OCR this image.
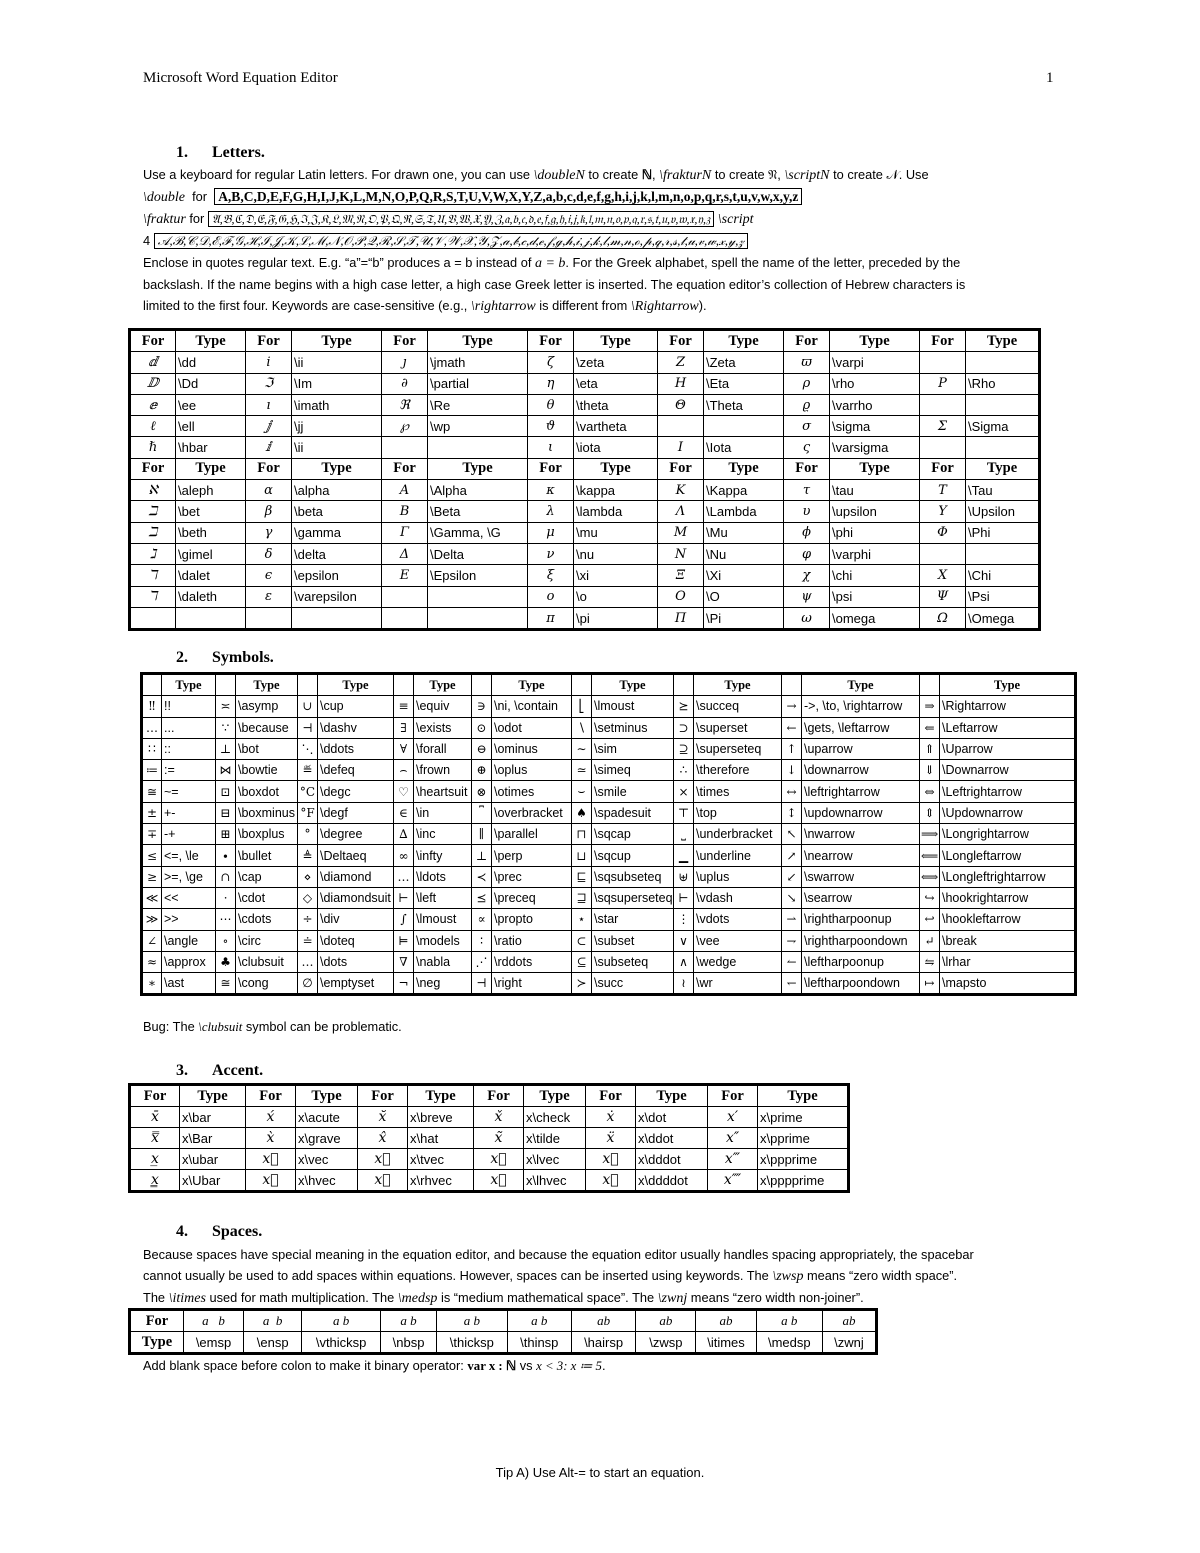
Microsoft Word Equation Editor	1
1. Letters.
Use a keyboard for regular Latin letters. For drawn one, you can use \doubleN to create ℕ, \frakturN to create 𝔑, \scriptN to create 𝒩. Use
\double for A,B,C,D,E,F,G,H,I,J,K,L,M,N,O,P,Q,R,S,T,U,V,W,X,Y,Z,a,b,c,d,e,f,g,h,i,j,k,l,m,n,o,p,q,r,s,t,u,v,w,x,y,z
\fraktur for 𝔄,𝔅,ℭ,𝔇,𝔈,𝔉,𝔊,ℌ,ℑ,𝔍,𝔎,𝔏,𝔐,𝔑,𝔒,𝔓,𝔔,ℜ,𝔖,𝔗,𝔘,𝔙,𝔚,𝔛,𝔜,ℨ,𝔞,𝔟,𝔠,𝔡,𝔢,𝔣,𝔤,𝔥,𝔦,𝔧,𝔨,𝔩,𝔪,𝔫,𝔬,𝔭,𝔮,𝔯,𝔰,𝔱,𝔲,𝔳,𝔴,𝔵,𝔶,𝔷 \script
4 𝒜,ℬ,𝒞,𝒟,ℰ,ℱ,𝒢,ℋ,ℐ,𝒥,𝒦,ℒ,ℳ,𝒩,𝒪,𝒫,𝒬,ℛ,𝒮,𝒯,𝒰,𝒱,𝒲,𝒳,𝒴,𝒵,𝒶,𝒷,𝒸,𝒹,ℯ,𝒻,ℊ,𝒽,𝒾,𝒿,𝓀,𝓁,𝓂,𝓃,ℴ,𝓅,𝓆,𝓇,𝓈,𝓉,𝓊,𝓋,𝓌,𝓍,𝓎,𝓏
Enclose in quotes regular text. E.g. “a”=“b” produces a = b instead of a = b. For the Greek alphabet, spell the name of the letter, preceded by the
backslash. If the name begins with a high case letter, a high case Greek letter is inserted. The equation editor’s collection of Hebrew characters is
limited to the first four. Keywords are case-sensitive (e.g., \rightarrow is different from \Rightarrow).
For	Type	For	Type	For	Type	For	Type	For	Type	For	Type	For	Type
ⅆ	\dd	𝑖	\ii	ȷ	\jmath	ζ	\zeta	Z	\Zeta	ϖ	\varpi		
ⅅ	\Dd	ℑ	\Im	∂	\partial	η	\eta	H	\Eta	ρ	\rho	P	\Rho
ⅇ	\ee	ı	\imath	ℜ	\Re	θ	\theta	Θ	\Theta	ϱ	\varrho		
ℓ	\ell	ⅉ	\jj	℘	\wp	ϑ	\vartheta			σ	\sigma	Σ	\Sigma
ℏ	\hbar	ⅈ	\ii			ι	\iota	I	\Iota	ς	\varsigma		
For	Type	For	Type	For	Type	For	Type	For	Type	For	Type	For	Type
ℵ	\aleph	α	\alpha	A	\Alpha	κ	\kappa	K	\Kappa	τ	\tau	T	\Tau
ℶ	\bet	β	\beta	B	\Beta	λ	\lambda	Λ	\Lambda	υ	\upsilon	Υ	\Upsilon
ℶ	\beth	γ	\gamma	Γ	\Gamma, \G	μ	\mu	M	\Mu	ϕ	\phi	Φ	\Phi
ℷ	\gimel	δ	\delta	Δ	\Delta	ν	\nu	N	\Nu	φ	\varphi		
ℸ	\dalet	ϵ	\epsilon	E	\Epsilon	ξ	\xi	Ξ	\Xi	χ	\chi	X	\Chi
ℸ	\daleth	ε	\varepsilon			o	\o	O	\O	ψ	\psi	Ψ	\Psi
						π	\pi	Π	\Pi	ω	\omega	Ω	\Omega
2. Symbols.
	Type		Type		Type		Type		Type		Type		Type		Type		Type
‼	!!	≍	\asymp	∪	\cup	≡	\equiv	∋	\ni, \contain	⎣	\lmoust	⪰	\succeq	→	->, \to, \rightarrow	⇒	\Rightarrow
…	...	∵	\because	⊣	\dashv	∃	\exists	⊙	\odot	∖	\setminus	⊃	\superset	←	\gets, \leftarrow	⇐	\Leftarrow
∷	::	⊥	\bot	⋱	\ddots	∀	\forall	⊖	\ominus	∼	\sim	⊇	\superseteq	↑	\uparrow	⇑	\Uparrow
≔	:=	⋈	\bowtie	≝	\defeq	⌢	\frown	⊕	\oplus	≃	\simeq	∴	\therefore	↓	\downarrow	⇓	\Downarrow
≅	~=	⊡	\boxdot	°C	\degc	♡	\heartsuit	⊗	\otimes	⌣	\smile	×	\times	↔	\leftrightarrow	⇔	\Leftrightarrow
±	+-	⊟	\boxminus	°F	\degf	∈	\in	⎴	\overbracket	♠	\spadesuit	⊤	\top	↕	\updownarrow	⇕	\Updownarrow
∓	-+	⊞	\boxplus	°	\degree	∆	\inc	∥	\parallel	⊓	\sqcap	⎵	\underbracket	↖	\nwarrow	⟹	\Longrightarrow
≤	<=, \le	∙	\bullet	≜	\Deltaeq	∞	\infty	⊥	\perp	⊔	\sqcup	▁	\underline	↗	\nearrow	⟸	\Longleftarrow
≥	>=, \ge	∩	\cap	⋄	\diamond	…	\ldots	≺	\prec	⊑	\sqsubseteq	⊎	\uplus	↙	\swarrow	⟺	\Longleftrightarrow
≪	<<	⋅	\cdot	◇	\diamondsuit	⊢	\left	⪯	\preceq	⊒	\sqsuperseteq	⊢	\vdash	↘	\searrow	↪	\hookrightarrow
≫	>>	⋯	\cdots	÷	\div	∫	\lmoust	∝	\propto	⋆	\star	⋮	\vdots	⇀	\rightharpoonup	↩	\hookleftarrow
∠	\angle	∘	\circ	≐	\doteq	⊨	\models	∶	\ratio	⊂	\subset	∨	\vee	⇁	\rightharpoondown	↵	\break
≈	\approx	♣	\clubsuit	…	\dots	∇	\nabla	⋰	\rddots	⊆	\subseteq	∧	\wedge	↼	\leftharpoonup	⇋	\lrhar
∗	\ast	≅	\cong	∅	\emptyset	¬	\neg	⊣	\right	≻	\succ	≀	\wr	↽	\leftharpoondown	↦	\mapsto
Bug: The \clubsuit symbol can be problematic.
3. Accent.
For	Type	For	Type	For	Type	For	Type	For	Type	For	Type
x̄	x\bar	x́	x\acute	x̆	x\breve	x̌	x\check	ẋ	x\dot	x′	x\prime
x̿	x\Bar	x̀	x\grave	x̂	x\hat	x̃	x\tilde	ẍ	x\ddot	x″	x\pprime
x̲	x\ubar	x⃗	x\vec	x⃡	x\tvec	x⃖	x\lvec	x⃛	x\dddot	x‴	x\ppprime
x̳	x\Ubar	x⃑	x\hvec	x⃑	x\rhvec	x⃐	x\lhvec	x⃜	x\ddddot	x⁗	x\pppprime
4. Spaces.
Because spaces have special meaning in the equation editor, and because the equation editor usually handles spacing appropriately, the spacebar
cannot usually be used to add spaces within equations. However, spaces can be inserted using keywords. The \zwsp means “zero width space”.
The \itimes used for math multiplication. The \medsp is “medium mathematical space”. The \zwnj means “zero width non-joiner”.
For	a   b	a  b	a b	a b	a b	a b	ab	ab	ab	a b	ab
Type	\emsp	\ensp	\vthicksp	\nbsp	\thicksp	\thinsp	\hairsp	\zwsp	\itimes	\medsp	\zwnj
Add blank space before colon to make it binary operator: var x : ℕ vs x < 3: x ≔ 5.
Tip A) Use Alt-= to start an equation.
